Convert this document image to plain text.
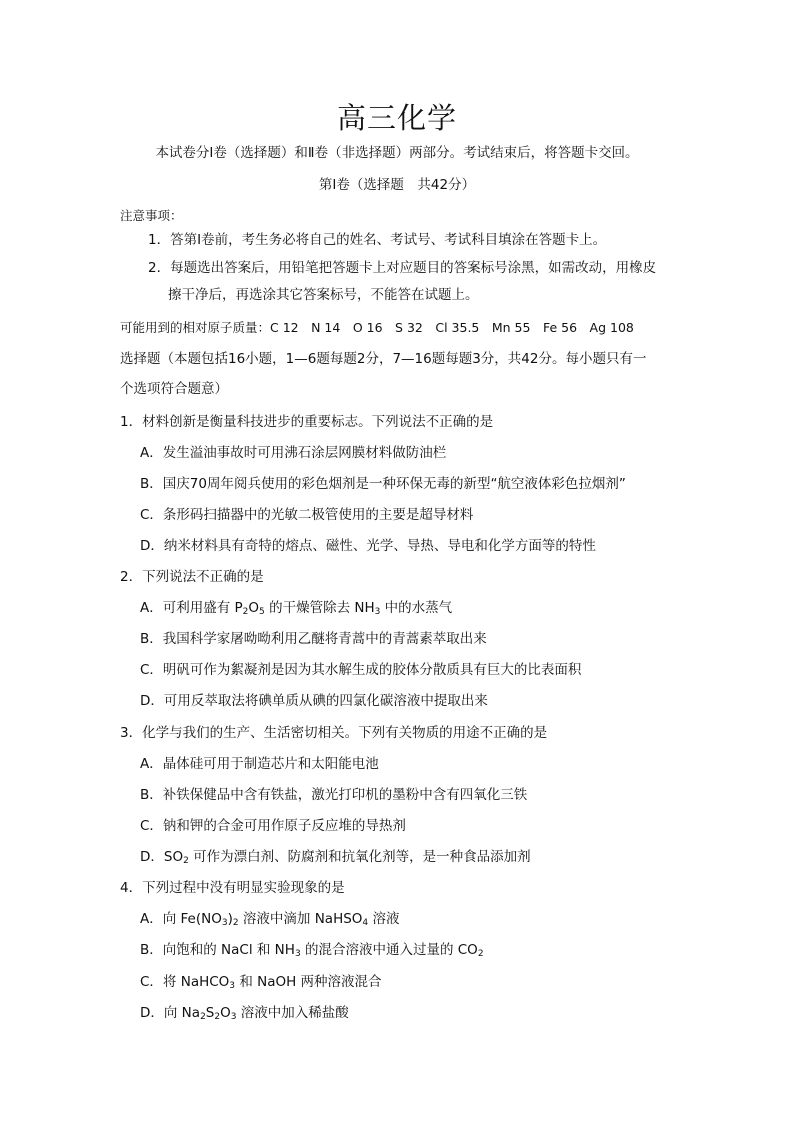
高三化学
本试卷分Ⅰ卷（选择题）和Ⅱ卷（非选择题）两部分。考试结束后，将答题卡交回。
第Ⅰ卷（选择题　共42分）
注意事项：
1．答第Ⅰ卷前，考生务必将自己的姓名、考试号、考试科目填涂在答题卡上。
2．每题选出答案后，用铅笔把答题卡上对应题目的答案标号涂黑，如需改动，用橡皮
擦干净后，再选涂其它答案标号，不能答在试题上。
可能用到的相对原子质量：C 12　N 14　O 16　S 32　Cl 35.5　Mn 55　Fe 56　Ag 108
选择题（本题包括16小题，1—6题每题2分，7—16题每题3分，共42分。每小题只有一
个选项符合题意）
1．材料创新是衡量科技进步的重要标志。下列说法不正确的是
A．发生溢油事故时可用沸石涂层网膜材料做防油栏
B．国庆70周年阅兵使用的彩色烟剂是一种环保无毒的新型“航空液体彩色拉烟剂”
C．条形码扫描器中的光敏二极管使用的主要是超导材料
D．纳米材料具有奇特的熔点、磁性、光学、导热、导电和化学方面等的特性
2．下列说法不正确的是
A．可利用盛有 $P_2O_5$ 的干燥管除去 $NH_3$ 中的水蒸气
B．我国科学家屠呦呦利用乙醚将青蒿中的青蒿素萃取出来
C．明矾可作为絮凝剂是因为其水解生成的胶体分散质具有巨大的比表面积
D．可用反萃取法将碘单质从碘的四氯化碳溶液中提取出来
3．化学与我们的生产、生活密切相关。下列有关物质的用途不正确的是
A．晶体硅可用于制造芯片和太阳能电池
B．补铁保健品中含有铁盐，激光打印机的墨粉中含有四氧化三铁
C．钠和钾的合金可用作原子反应堆的导热剂
D．$SO_2$ 可作为漂白剂、防腐剂和抗氧化剂等，是一种食品添加剂
4．下列过程中没有明显实验现象的是
A．向 $Fe(NO_3)_2$ 溶液中滴加 NaHSO$_4$ 溶液
B．向饱和的 NaCl 和 $NH_3$ 的混合溶液中通入过量的 $CO_2$
C．将 NaHCO$_3$ 和 NaOH 两种溶液混合
D．向 $Na_2S_2O_3$ 溶液中加入稀盐酸
